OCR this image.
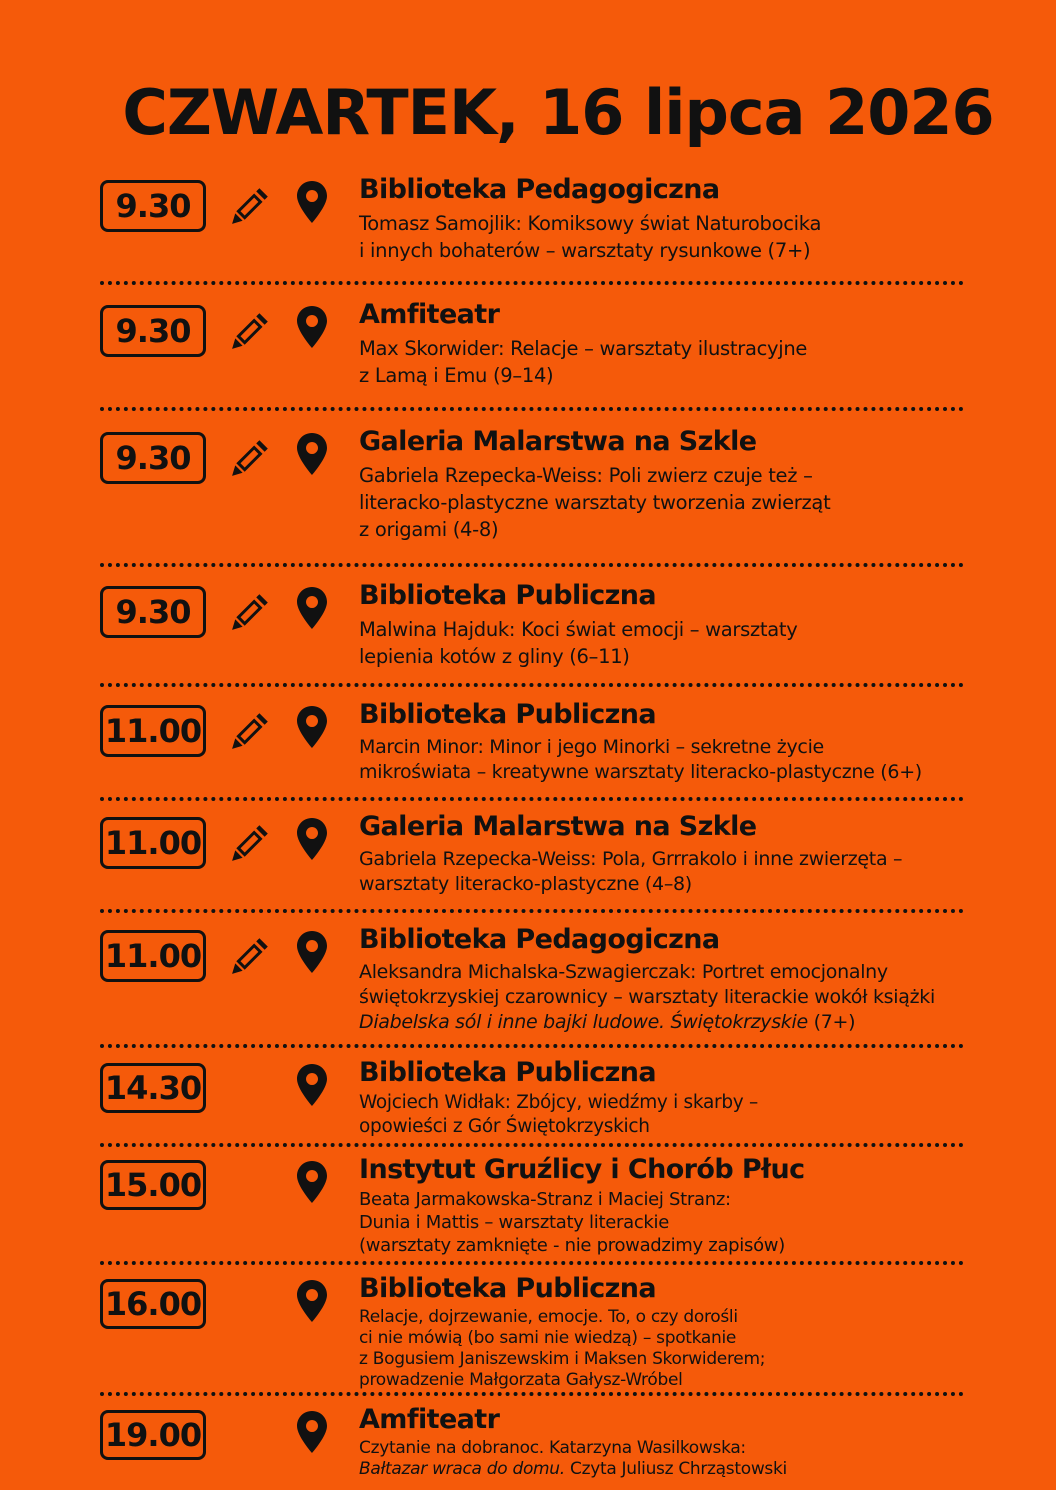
CZWARTEK, 16 lipca 2026
9.30	Biblioteka Pedagogiczna
Tomasz Samojlik: Komiksowy świat Naturobocika
i innych bohaterów – warsztaty rysunkowe (7+)
9.30	Amfiteatr
Max Skorwider: Relacje – warsztaty ilustracyjne
z Lamą i Emu (9–14)
9.30	Galeria Malarstwa na Szkle
Gabriela Rzepecka-Weiss: Poli zwierz czuje też –
literacko-plastyczne warsztaty tworzenia zwierząt
z origami (4-8)
9.30	Biblioteka Publiczna
Malwina Hajduk: Koci świat emocji – warsztaty
lepienia kotów z gliny (6–11)
11.00	Biblioteka Publiczna
Marcin Minor: Minor i jego Minorki – sekretne życie
mikroświata – kreatywne warsztaty literacko-plastyczne (6+)
11.00	Galeria Malarstwa na Szkle
Gabriela Rzepecka-Weiss: Pola, Grrrakolo i inne zwierzęta –
warsztaty literacko-plastyczne (4–8)
11.00	Biblioteka Pedagogiczna
Aleksandra Michalska-Szwagierczak: Portret emocjonalny
świętokrzyskiej czarownicy – warsztaty literackie wokół książki
Diabelska sól i inne bajki ludowe. Świętokrzyskie (7+)
14.30	Biblioteka Publiczna
Wojciech Widłak: Zbójcy, wiedźmy i skarby –
opowieści z Gór Świętokrzyskich
15.00	Instytut Gruźlicy i Chorób Płuc
Beata Jarmakowska-Stranz i Maciej Stranz:
Dunia i Mattis – warsztaty literackie
(warsztaty zamknięte - nie prowadzimy zapisów)
16.00	Biblioteka Publiczna
Relacje, dojrzewanie, emocje. To, o czy dorośli
ci nie mówią (bo sami nie wiedzą) – spotkanie
z Bogusiem Janiszewskim i Maksen Skorwiderem;
prowadzenie Małgorzata Gałysz-Wróbel
19.00	Amfiteatr
Czytanie na dobranoc. Katarzyna Wasilkowska:
Bałtazar wraca do domu. Czyta Juliusz Chrząstowski
